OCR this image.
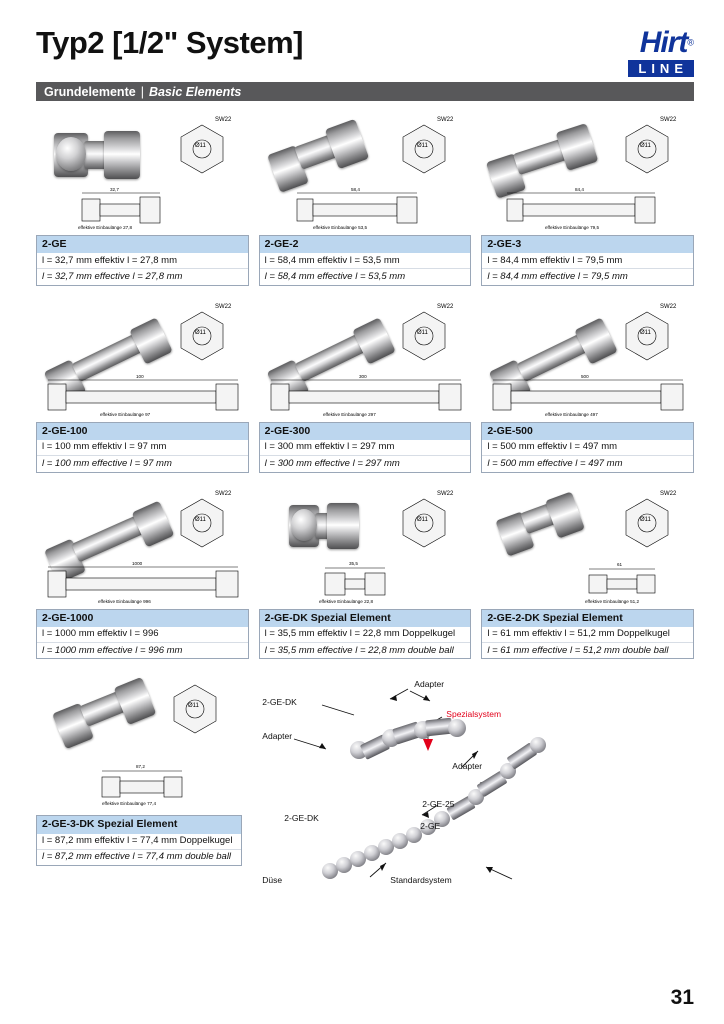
Typ2 [1/2" System]	Hirt®
LINE
Grundelemente | Basic Elements
SW22
Ø11
32,7
effektive Einbaulänge 27,8
2-GE
l = 32,7 mm effektiv l = 27,8 mm
l = 32,7 mm effective l = 27,8 mm
SW22
Ø11
58,4
effektive Einbaulänge 53,5
2-GE-2
l = 58,4 mm effektiv l = 53,5 mm
l = 58,4 mm effective l = 53,5 mm
SW22
Ø11
84,4
effektive Einbaulänge 79,5
2-GE-3
l = 84,4 mm effektiv l = 79,5 mm
l = 84,4 mm effective l = 79,5 mm
SW22
Ø11
100
effektive Einbaulänge 97
2-GE-100
l = 100 mm effektiv l = 97 mm
l = 100 mm effective l = 97 mm
SW22
Ø11
300
effektive Einbaulänge 297
2-GE-300
l = 300 mm effektiv l = 297 mm
l = 300 mm effective l = 297 mm
SW22
Ø11
500
effektive Einbaulänge 497
2-GE-500
l = 500 mm effektiv l = 497 mm
l = 500 mm effective l = 497 mm
SW22
Ø11
1000
effektive Einbaulänge 996
2-GE-1000
l = 1000 mm effektiv l = 996
l = 1000 mm effective l = 996 mm
SW22
Ø11
35,5
effektive Einbaulänge 22,8
2-GE-DK Spezial Element
l = 35,5 mm effektiv l = 22,8 mm Doppelkugel
l = 35,5 mm effective l = 22,8 mm double ball
SW22
Ø11
61
effektive Einbaulänge 51,2
2-GE-2-DK Spezial Element
l = 61 mm effektiv l = 51,2 mm Doppelkugel
l = 61 mm effective l = 51,2 mm double ball
Ø11
87,2
effektive Einbaulänge 77,4
2-GE-3-DK Spezial Element
l = 87,2 mm effektiv l = 77,4 mm Doppelkugel
l = 87,2 mm effective l = 77,4 mm double ball
2-GE-DK
Adapter
Spezialsystem
Adapter
Adapter
2-GE-25
2-GE
2-GE-DK
Düse	Standardsystem
31
